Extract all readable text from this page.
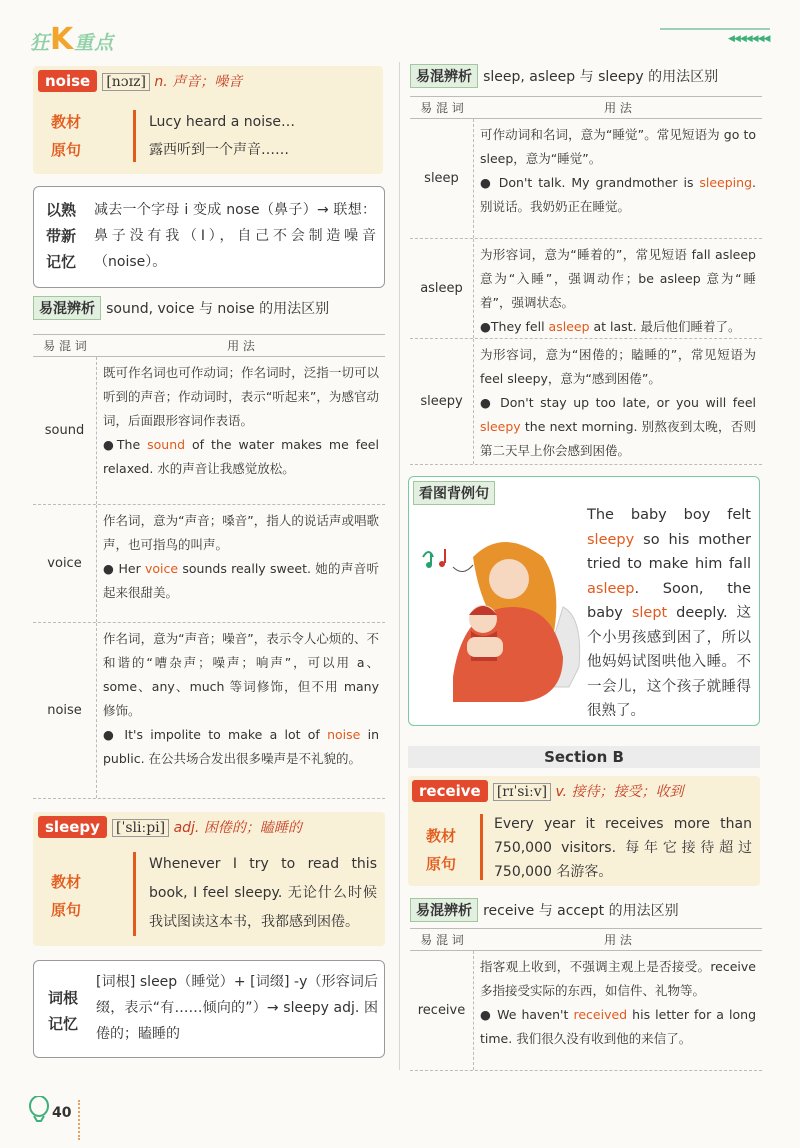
狂K重点	◀◀◀◀◀◀◀
noise [nɔɪz] n. 声音；噪音
教材
原句
Lucy heard a noise…
露西听到一个声音……
以熟
带新
记忆
减去一个字母 i 变成 nose（鼻子）→ 联想：鼻子没有我（I），自己不会制造噪音（noise）。
易混辨析 sound, voice 与 noise 的用法区别
易 混 词	用 法
sound
既可作名词也可作动词；作名词时，泛指一切可以听到的声音；作动词时，表示“听起来”，为感官动词，后面跟形容词作表语。
●The sound of the water makes me feel relaxed. 水的声音让我感觉放松。
voice
作名词，意为“声音；嗓音”，指人的说话声或唱歌声，也可指鸟的叫声。
● Her voice sounds really sweet. 她的声音听起来很甜美。
noise
作名词，意为“声音；噪音”，表示令人心烦的、不和谐的“嘈杂声；噪声；响声”，可以用 a、some、any、much 等词修饰，但不用 many 修饰。
● It's impolite to make a lot of noise in public. 在公共场合发出很多噪声是不礼貌的。
sleepy [ˈsliːpi] adj. 困倦的；瞌睡的
教材
原句
Whenever I try to read this book, I feel sleepy. 无论什么时候我试图读这本书，我都感到困倦。
词根
记忆
[词根] sleep（睡觉）+ [词缀] -y（形容词后缀，表示“有……倾向的”）→ sleepy adj. 困倦的；瞌睡的
易混辨析 sleep, asleep 与 sleepy 的用法区别
易 混 词	用 法
sleep
可作动词和名词，意为“睡觉”。常见短语为 go to sleep，意为“睡觉”。
● Don't talk. My grandmother is sleeping. 别说话。我奶奶正在睡觉。
asleep
为形容词，意为“睡着的”，常见短语 fall asleep 意为“入睡”，强调动作；be asleep 意为“睡着”，强调状态。
●They fell asleep at last. 最后他们睡着了。
sleepy
为形容词，意为“困倦的；瞌睡的”，常见短语为 feel sleepy，意为“感到困倦”。
● Don't stay up too late, or you will feel sleepy the next morning. 别熬夜到太晚，否则第二天早上你会感到困倦。
看图背例句
The baby boy felt sleepy so his mother tried to make him fall asleep. Soon, the baby slept deeply. 这个小男孩感到困了，所以他妈妈试图哄他入睡。不一会儿，这个孩子就睡得很熟了。
Section B
receive [rɪˈsiːv] v. 接待；接受；收到
教材
原句
Every year it receives more than 750,000 visitors. 每年它接待超过 750,000 名游客。
易混辨析 receive 与 accept 的用法区别
易 混 词	用 法
receive
指客观上收到，不强调主观上是否接受。receive 多指接受实际的东西，如信件、礼物等。
● We haven't received his letter for a long time. 我们很久没有收到他的来信了。
40
